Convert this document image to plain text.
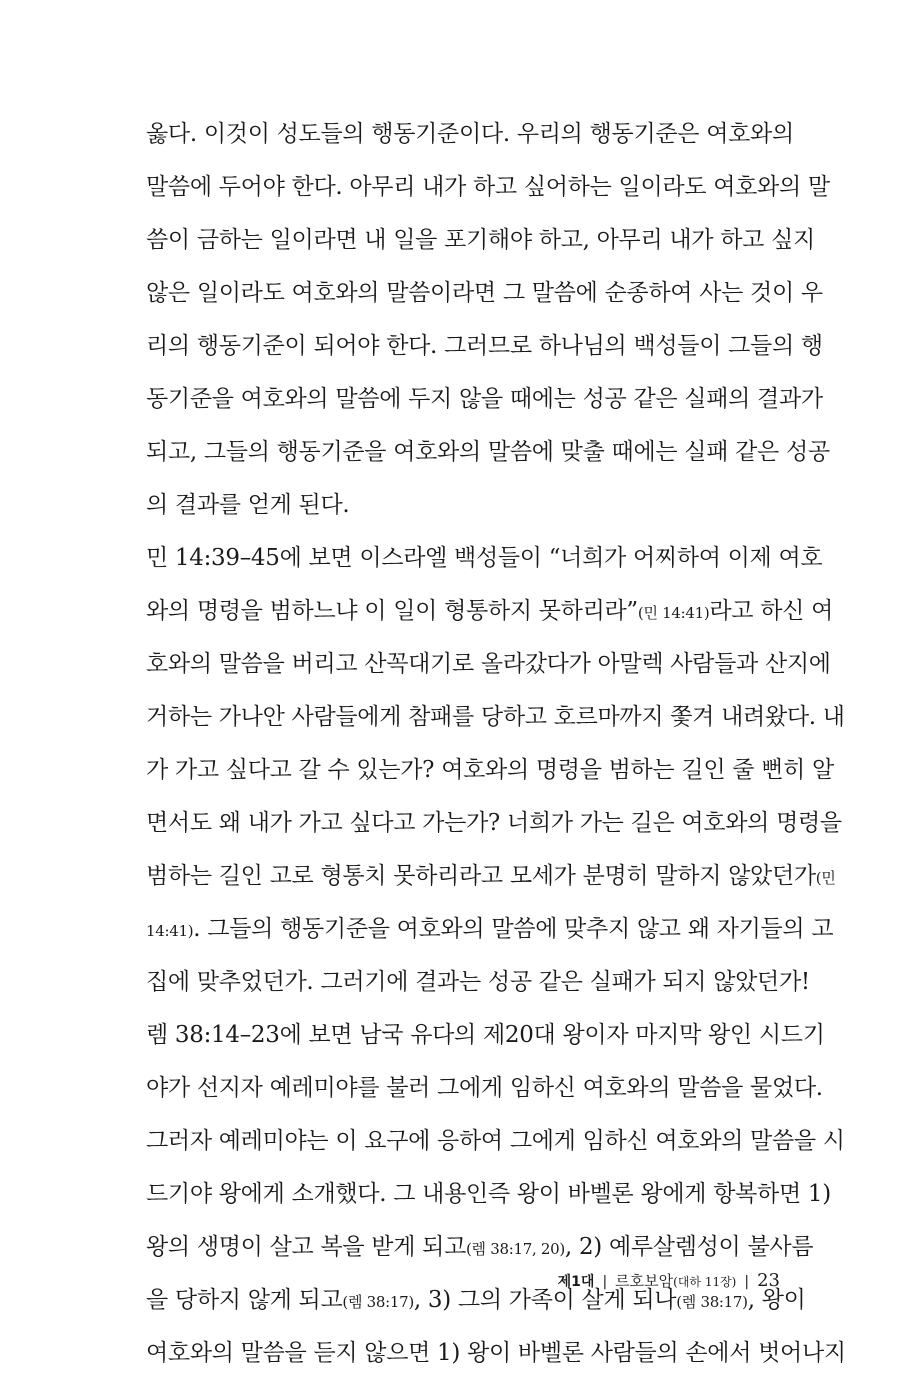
옳다. 이것이 성도들의 행동기준이다. 우리의 행동기준은 여호와의
말씀에 두어야 한다. 아무리 내가 하고 싶어하는 일이라도 여호와의 말
씀이 금하는 일이라면 내 일을 포기해야 하고, 아무리 내가 하고 싶지
않은 일이라도 여호와의 말씀이라면 그 말씀에 순종하여 사는 것이 우
리의 행동기준이 되어야 한다. 그러므로 하나님의 백성들이 그들의 행
동기준을 여호와의 말씀에 두지 않을 때에는 성공 같은 실패의 결과가
되고, 그들의 행동기준을 여호와의 말씀에 맞출 때에는 실패 같은 성공
의 결과를 얻게 된다.
민 14:39–45에 보면 이스라엘 백성들이 “너희가 어찌하여 이제 여호
와의 명령을 범하느냐 이 일이 형통하지 못하리라”(민 14:41)라고 하신 여
호와의 말씀을 버리고 산꼭대기로 올라갔다가 아말렉 사람들과 산지에
거하는 가나안 사람들에게 참패를 당하고 호르마까지 쫓겨 내려왔다. 내
가 가고 싶다고 갈 수 있는가? 여호와의 명령을 범하는 길인 줄 뻔히 알
면서도 왜 내가 가고 싶다고 가는가? 너희가 가는 길은 여호와의 명령을
범하는 길인 고로 형통치 못하리라고 모세가 분명히 말하지 않았던가(민
14:41). 그들의 행동기준을 여호와의 말씀에 맞추지 않고 왜 자기들의 고
집에 맞추었던가. 그러기에 결과는 성공 같은 실패가 되지 않았던가!
렘 38:14–23에 보면 남국 유다의 제20대 왕이자 마지막 왕인 시드기
야가 선지자 예레미야를 불러 그에게 임하신 여호와의 말씀을 물었다.
그러자 예레미야는 이 요구에 응하여 그에게 임하신 여호와의 말씀을 시
드기야 왕에게 소개했다. 그 내용인즉 왕이 바벨론 왕에게 항복하면 1)
왕의 생명이 살고 복을 받게 되고(렘 38:17, 20), 2) 예루살렘성이 불사름
을 당하지 않게 되고(렘 38:17), 3) 그의 가족이 살게 되나(렘 38:17), 왕이
여호와의 말씀을 듣지 않으면 1) 왕이 바벨론 사람들의 손에서 벗어나지
제1대 | 르호보암(대하 11장) | 23
